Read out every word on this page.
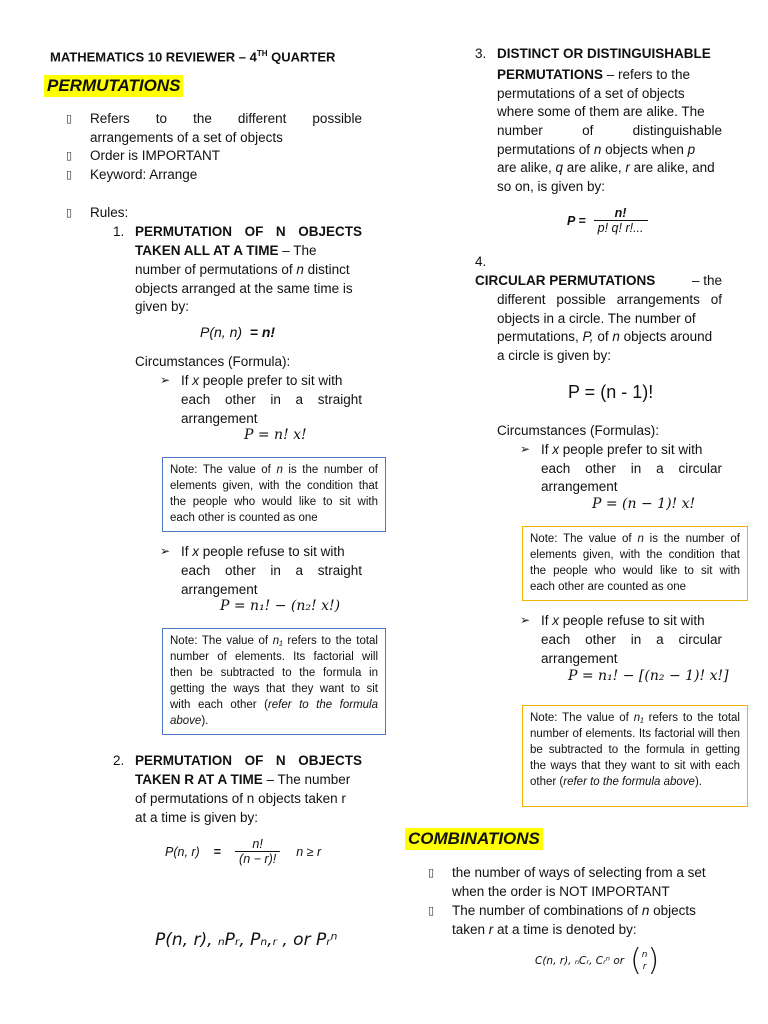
MATHEMATICS 10 REVIEWER – 4TH QUARTER
PERMUTATIONS
▯ Refers to the different possible
arrangements of a set of objects
▯ Order is IMPORTANT
▯ Keyword: Arrange
▯ Rules:
1. PERMUTATION OF N OBJECTS
TAKEN ALL AT A TIME – The
number of permutations of n distinct
objects arranged at the same time is
given by:
P(n, n) = n!
Circumstances (Formula):
➢ If x people prefer to sit with
each other in a straight
arrangement
P = n! x!
Note: The value of n is the number of elements given, with the condition that the people who would like to sit with each other is counted as one
➢ If x people refuse to sit with
each other in a straight
arrangement
P = n₁! − (n₂! x!)
Note: The value of n₁ refers to the total number of elements. Its factorial will then be subtracted to the formula in getting the ways that they want to sit with each other (refer to the formula above).
2. PERMUTATION OF N OBJECTS
TAKEN R AT A TIME – The number
of permutations of n objects taken r
at a time is given by:
P(n, $r) = \frac{n!}{(n - r)!}$ n ≥ r
P(n, r), ₙPᵣ, Pₙ,ᵣ , or Pᵣⁿ
3. DISTINCT OR DISTINGUISHABLE
PERMUTATIONS – refers to the
permutations of a set of objects
where some of them are alike. The
number	of	distinguishable
permutations of n objects when p
are alike, q are alike, r are alike, and
so on, is given by:
$P = \frac{n!}{p! q! r!...}$
4.
CIRCULAR PERMUTATIONS	– the
different possible arrangements of
objects in a circle. The number of
permutations, P, of n objects around
a circle is given by:
P = (n - 1)!
Circumstances (Formulas):
➢ If x people prefer to sit with
each other in a circular
arrangement
P = (n − 1)! x!
Note: The value of n is the number of elements given, with the condition that the people who would like to sit with each other are counted as one
➢ If x people refuse to sit with
each other in a circular
arrangement
P = n₁! − [(n₂ − 1)! x!]
Note: The value of n₁ refers to the total number of elements. Its factorial will then be subtracted to the formula in getting the ways that they want to sit with each other (refer to the formula above).
COMBINATIONS
▯ the number of ways of selecting from a set
when the order is NOT IMPORTANT
▯ The number of combinations of n objects
taken r at a time is denoted by:
C(n, r), ₙCᵣ, Cᵣⁿ or ( n
r )
